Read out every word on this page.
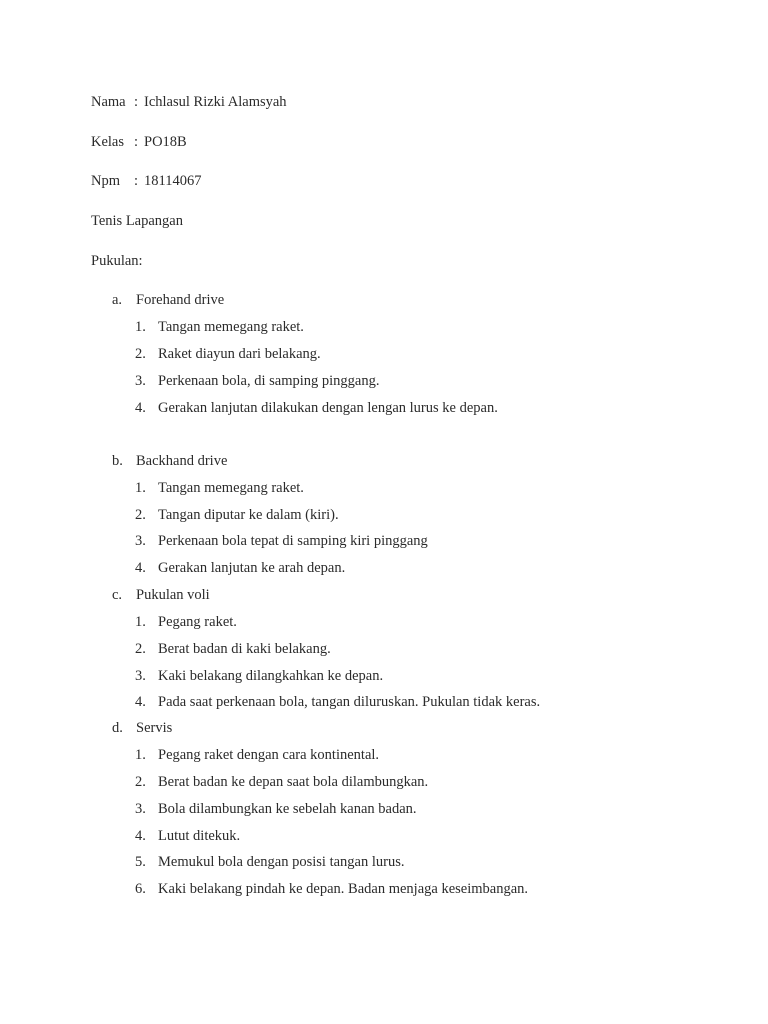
Nama : Ichlasul Rizki Alamsyah
Kelas : PO18B
Npm : 18114067
Tenis Lapangan
Pukulan:
a. Forehand drive
1. Tangan memegang raket.
2. Raket diayun dari belakang.
3. Perkenaan bola, di samping pinggang.
4. Gerakan lanjutan dilakukan dengan lengan lurus ke depan.
b. Backhand drive
1. Tangan memegang raket.
2. Tangan diputar ke dalam (kiri).
3. Perkenaan bola tepat di samping kiri pinggang
4. Gerakan lanjutan ke arah depan.
c. Pukulan voli
1. Pegang raket.
2. Berat badan di kaki belakang.
3. Kaki belakang dilangkahkan ke depan.
4. Pada saat perkenaan bola, tangan diluruskan. Pukulan tidak keras.
d. Servis
1. Pegang raket dengan cara kontinental.
2. Berat badan ke depan saat bola dilambungkan.
3. Bola dilambungkan ke sebelah kanan badan.
4. Lutut ditekuk.
5. Memukul bola dengan posisi tangan lurus.
6. Kaki belakang pindah ke depan. Badan menjaga keseimbangan.
